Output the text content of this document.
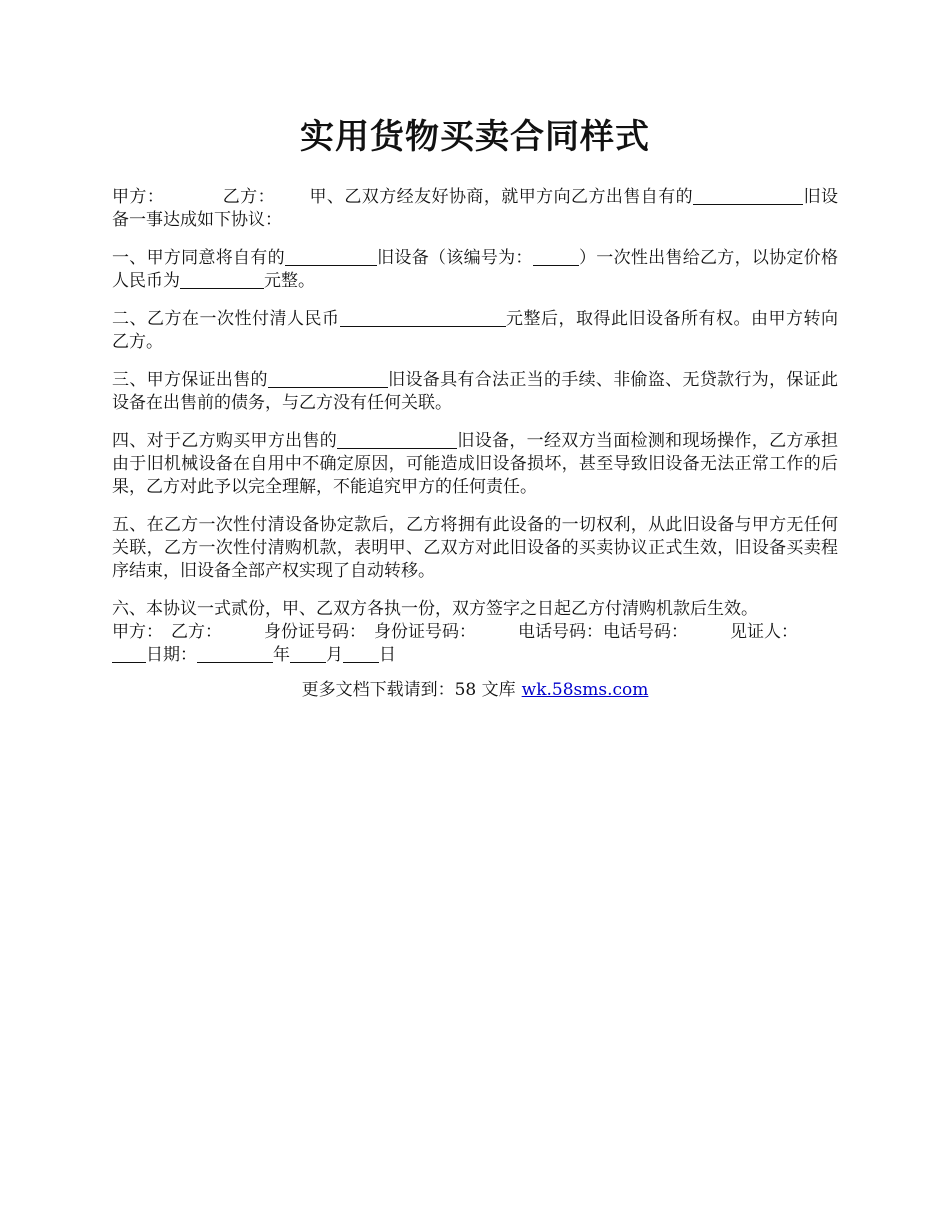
实用货物买卖合同样式

甲方：	乙方： 甲、乙双方经友好协商，就甲方向乙方出售自有的	旧设备一事达成如下协议：

一、甲方同意将自有的	旧设备（该编号为：	）一次性出售给乙方，以协定价格人民币为	元整。

二、乙方在一次性付清人民币	元整后，取得此旧设备所有权。由甲方转向乙方。

三、甲方保证出售的	旧设备具有合法正当的手续、非偷盗、无贷款行为，保证此设备在出售前的债务，与乙方没有任何关联。

四、对于乙方购买甲方出售的	旧设备，一经双方当面检测和现场操作，乙方承担由于旧机械设备在自用中不确定原因，可能造成旧设备损坏，甚至导致旧设备无法正常工作的后果，乙方对此予以完全理解，不能追究甲方的任何责任。

五、在乙方一次性付清设备协定款后，乙方将拥有此设备的一切权利，从此旧设备与甲方无任何关联，乙方一次性付清购机款，表明甲、乙双方对此旧设备的买卖协议正式生效，旧设备买卖程序结束，旧设备全部产权实现了自动转移。

六、本协议一式贰份，甲、乙双方各执一份，双方签字之日起乙方付清购机款后生效。

甲方： 乙方： 身份证号码： 身份证号码： 电话号码：电话号码： 见证人：
日期：	年 月 日

更多文档下载请到：58 文库 wk.58sms.com
